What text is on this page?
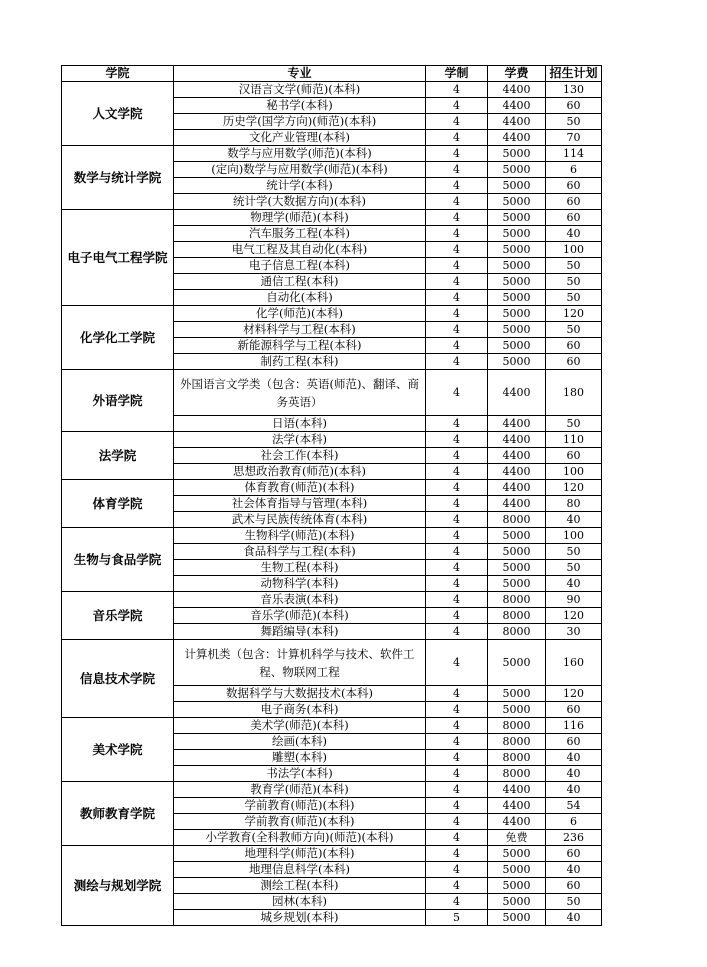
学院	专业	学制	学费	招生计划
人文学院	汉语言文学(师范)(本科)	4	4400	130
	秘书学(本科)	4	4400	60
	历史学(国学方向)(师范)(本科)	4	4400	50
	文化产业管理(本科)	4	4400	70
数学与统计学院	数学与应用数学(师范)(本科)	4	5000	114
	(定向)数学与应用数学(师范)(本科)	4	5000	6
	统计学(本科)	4	5000	60
	统计学(大数据方向)(本科)	4	5000	60
电子电气工程学院	物理学(师范)(本科)	4	5000	60
	汽车服务工程(本科)	4	5000	40
	电气工程及其自动化(本科)	4	5000	100
	电子信息工程(本科)	4	5000	50
	通信工程(本科)	4	5000	50
	自动化(本科)	4	5000	50
化学化工学院	化学(师范)(本科)	4	5000	120
	材料科学与工程(本科)	4	5000	50
	新能源科学与工程(本科)	4	5000	60
	制药工程(本科)	4	5000	60
外语学院	外国语言文学类（包含：英语(师范)、翻译、商务英语）	4	4400	180
	日语(本科)	4	4400	50
法学院	法学(本科)	4	4400	110
	社会工作(本科)	4	4400	60
	思想政治教育(师范)(本科)	4	4400	100
体育学院	体育教育(师范)(本科)	4	4400	120
	社会体育指导与管理(本科)	4	4400	80
	武术与民族传统体育(本科)	4	8000	40
生物与食品学院	生物科学(师范)(本科)	4	5000	100
	食品科学与工程(本科)	4	5000	50
	生物工程(本科)	4	5000	50
	动物科学(本科)	4	5000	40
音乐学院	音乐表演(本科)	4	8000	90
	音乐学(师范)(本科)	4	8000	120
	舞蹈编导(本科)	4	8000	30
信息技术学院	计算机类（包含：计算机科学与技术、软件工程、物联网工程	4	5000	160
	数据科学与大数据技术(本科)	4	5000	120
	电子商务(本科)	4	5000	60
美术学院	美术学(师范)(本科)	4	8000	116
	绘画(本科)	4	8000	60
	雕塑(本科)	4	8000	40
	书法学(本科)	4	8000	40
教师教育学院	教育学(师范)(本科)	4	4400	40
	学前教育(师范)(本科)	4	4400	54
	学前教育(师范)(本科)	4	4400	6
	小学教育(全科教师方向)(师范)(本科)	4	免费	236
测绘与规划学院	地理科学(师范)(本科)	4	5000	60
	地理信息科学(本科)	4	5000	40
	测绘工程(本科)	4	5000	60
	园林(本科)	4	5000	50
	城乡规划(本科)	5	5000	40
